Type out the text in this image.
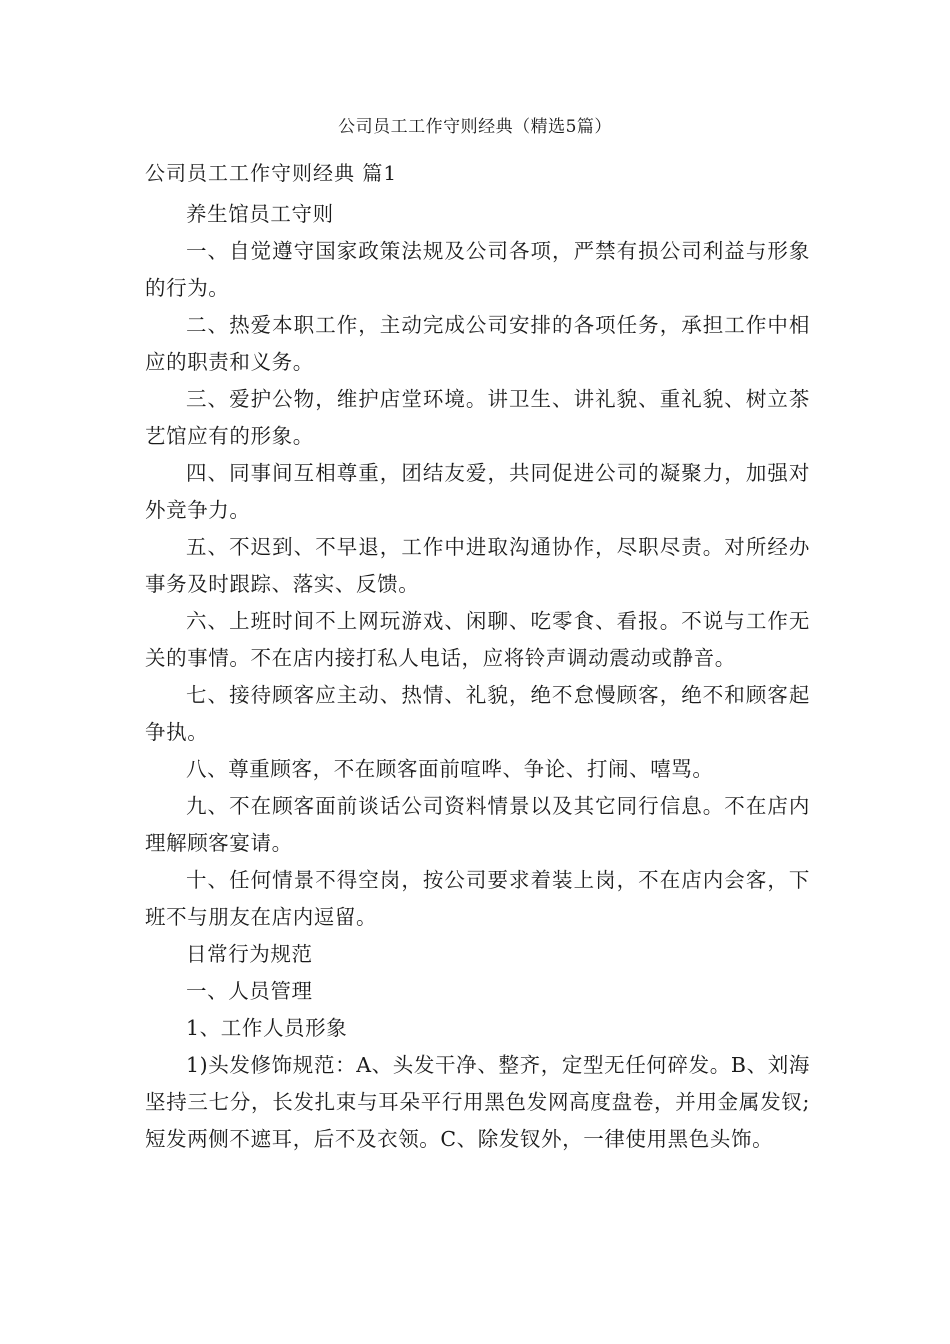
公司员工工作守则经典（精选5篇）
公司员工工作守则经典 篇1

养生馆员工守则

一、自觉遵守国家政策法规及公司各项，严禁有损公司利益与形象的行为。

二、热爱本职工作，主动完成公司安排的各项任务，承担工作中相应的职责和义务。

三、爱护公物，维护店堂环境。讲卫生、讲礼貌、重礼貌、树立茶艺馆应有的形象。

四、同事间互相尊重，团结友爱，共同促进公司的凝聚力，加强对外竞争力。

五、不迟到、不早退，工作中进取沟通协作，尽职尽责。对所经办事务及时跟踪、落实、反馈。

六、上班时间不上网玩游戏、闲聊、吃零食、看报。不说与工作无关的事情。不在店内接打私人电话，应将铃声调动震动或静音。

七、接待顾客应主动、热情、礼貌，绝不怠慢顾客，绝不和顾客起争执。

八、尊重顾客，不在顾客面前喧哗、争论、打闹、嘻骂。

九、不在顾客面前谈话公司资料情景以及其它同行信息。不在店内理解顾客宴请。

十、任何情景不得空岗，按公司要求着装上岗，不在店内会客，下班不与朋友在店内逗留。

日常行为规范

一、人员管理

1、工作人员形象

1)头发修饰规范：A、头发干净、整齐，定型无任何碎发。B、刘海坚持三七分，长发扎束与耳朵平行用黑色发网高度盘卷，并用金属发钗;短发两侧不遮耳，后不及衣领。C、除发钗外，一律使用黑色头饰。
